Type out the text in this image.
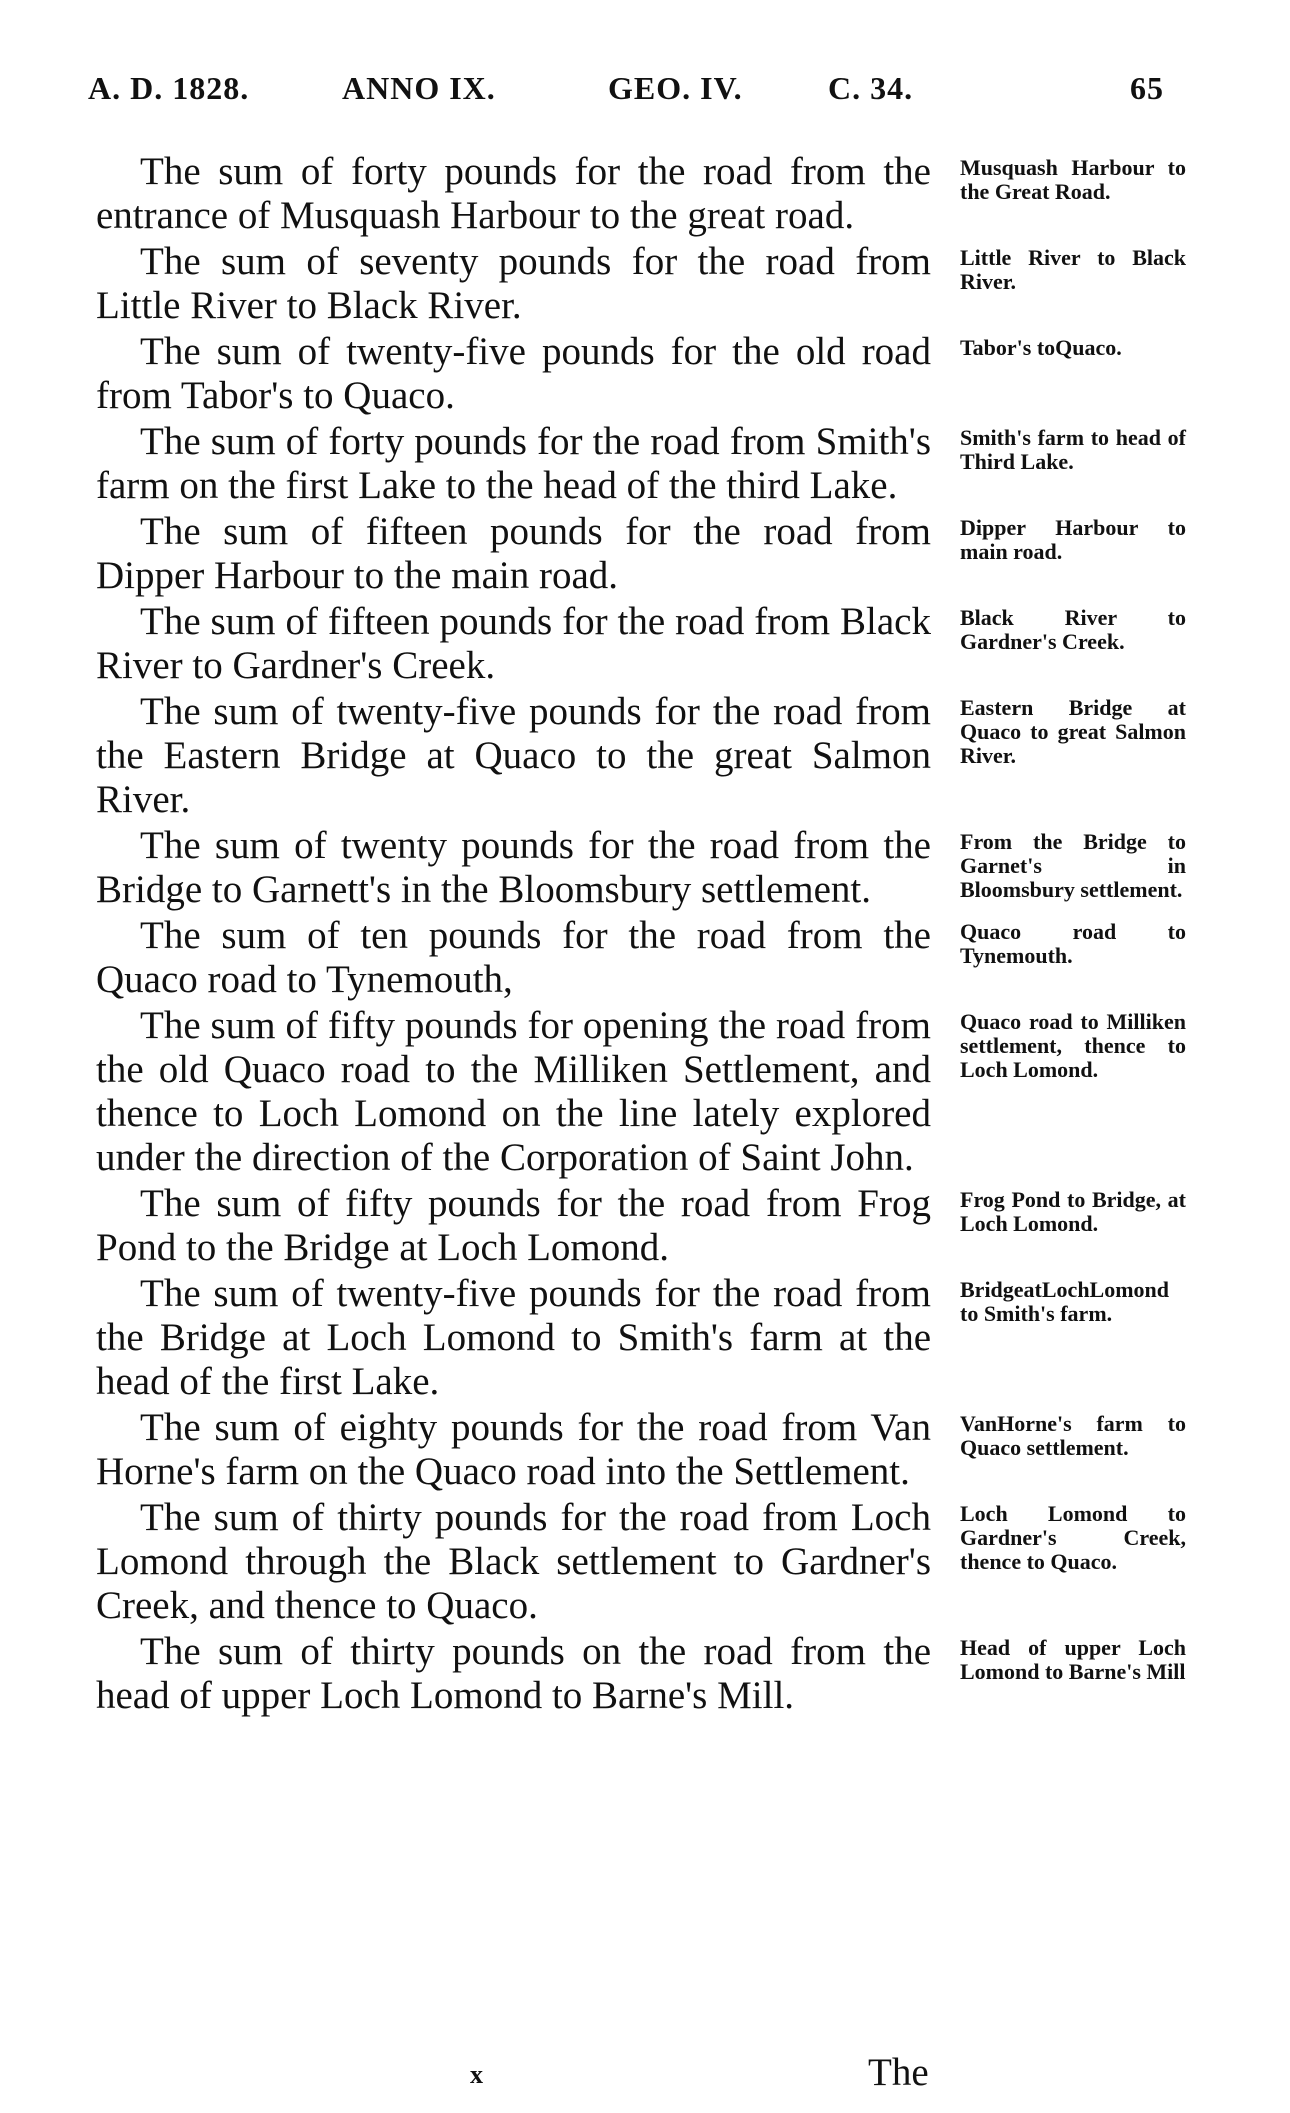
A. D. 1828.	ANNO IX.	GEO. IV.	C. 34.	65

The sum of forty pounds for the road from the entrance of Musquash Harbour to the great road.

Musquash Harbour to the Great Road.

The sum of seventy pounds for the road from Little River to Black River.

Little River to Black River.

The sum of twenty-five pounds for the old road from Tabor's to Quaco.

Tabor's toQuaco.

The sum of forty pounds for the road from Smith's farm on the first Lake to the head of the third Lake.

Smith's farm to head of Third Lake.

The sum of fifteen pounds for the road from Dipper Harbour to the main road.

Dipper Harbour to main road.

The sum of fifteen pounds for the road from Black River to Gardner's Creek.

Black River to Gardner's Creek.

The sum of twenty-five pounds for the road from the Eastern Bridge at Quaco to the great Salmon River.

Eastern Bridge at Quaco to great Salmon River.

The sum of twenty pounds for the road from the Bridge to Garnett's in the Bloomsbury settlement.

From the Bridge to Garnet's in Bloomsbury settlement.

The sum of ten pounds for the road from the Quaco road to Tynemouth,

Quaco road to Tynemouth.

The sum of fifty pounds for opening the road from the old Quaco road to the Milliken Settlement, and thence to Loch Lomond on the line lately explored under the direction of the Corporation of Saint John.

Quaco road to Milliken settlement, thence to Loch Lomond.

The sum of fifty pounds for the road from Frog Pond to the Bridge at Loch Lomond.

Frog Pond to Bridge, at Loch Lomond.

The sum of twenty-five pounds for the road from the Bridge at Loch Lomond to Smith's farm at the head of the first Lake.

BridgeatLochLomond to Smith's farm.

The sum of eighty pounds for the road from Van Horne's farm on the Quaco road into the Settlement.

VanHorne's farm to Quaco settlement.

The sum of thirty pounds for the road from Loch Lomond through the Black settlement to Gardner's Creek, and thence to Quaco.

Loch Lomond to Gardner's Creek, thence to Quaco.

The sum of thirty pounds on the road from the head of upper Loch Lomond to Barne's Mill.

Head of upper Loch Lomond to Barne's Mill

x	The
